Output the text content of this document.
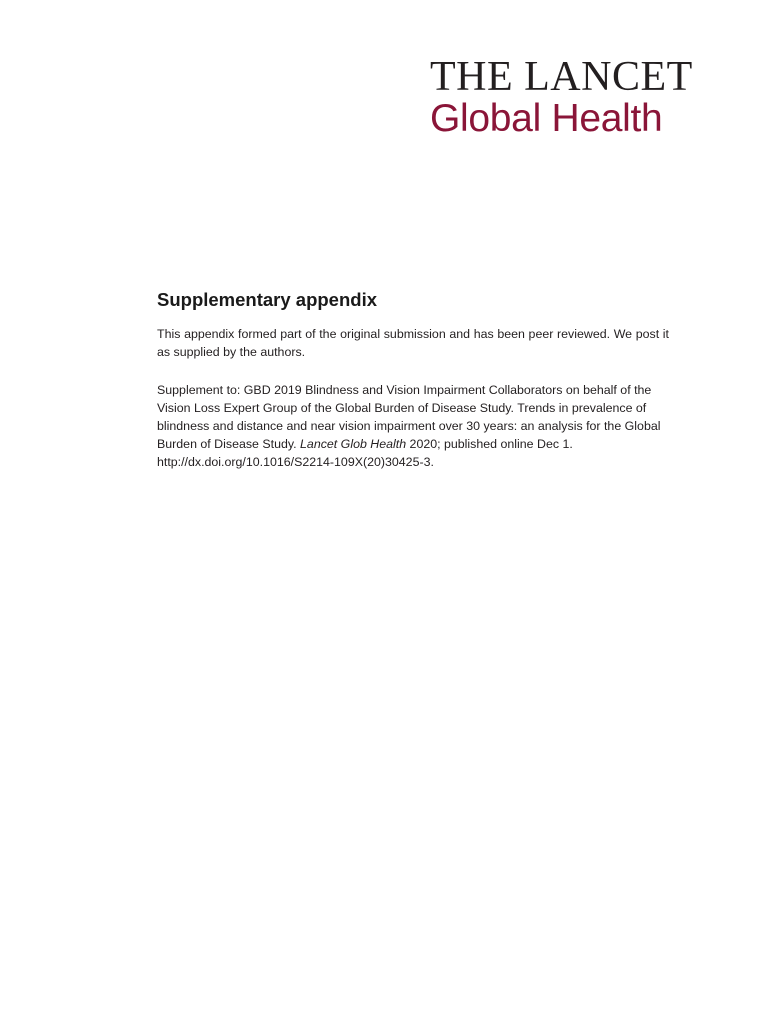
THE LANCET
Global Health
Supplementary appendix

This appendix formed part of the original submission and has been peer reviewed. We post it as supplied by the authors.

Supplement to: GBD 2019 Blindness and Vision Impairment Collaborators on behalf of the Vision Loss Expert Group of the Global Burden of Disease Study. Trends in prevalence of blindness and distance and near vision impairment over 30 years: an analysis for the Global Burden of Disease Study. Lancet Glob Health 2020; published online Dec 1. http://dx.doi.org/10.1016/S2214-109X(20)30425-3.
